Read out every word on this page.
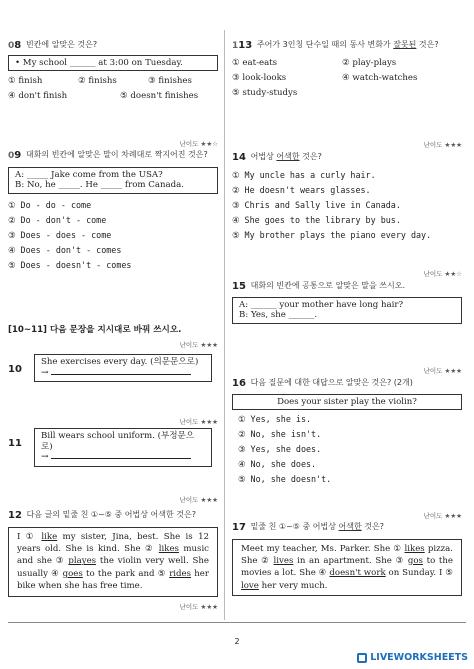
08 빈칸에 알맞은 것은?
• My school ______ at 3:00 on Tuesday.
① finish	② finishs	③ finishes
④ don't finish	⑤ doesn't finishes
난이도 ★★☆
09 대화의 빈칸에 알맞은 말이 차례대로 짝지어진 것은?
A: _____ Jake come from the USA?
B: No, he _____. He _____ from Canada.
① Do - do - come
② Do - don't - come
③ Does - does - come
④ Does - don't - comes
⑤ Does - doesn't - comes
[10~11] 다음 문장을 지시대로 바꿔 쓰시오.
난이도 ★★★
10
She exercises every day. (의문문으로)
→
난이도 ★★★
11
Bill wears school uniform. (부정문으로)
→
난이도 ★★★
12 다음 글의 밑줄 친 ①~⑤ 중 어법상 어색한 것은?

I ① like my sister, Jina, best. She is 12 years old. She is kind. She ② likes music and she ③ playes the violin very well. She usually ④ goes to the park and ⑤ rides her bike when she has free time.

난이도 ★★★
113 주어가 3인칭 단수일 때의 동사 변화가 잘못된 것은?
① eat-eats	② play-plays
③ look-looks	④ watch-watches
⑤ study-studys
난이도 ★★★
14 어법상 어색한 것은?
① My uncle has a curly hair.
② He doesn't wears glasses.
③ Chris and Sally live in Canada.
④ She goes to the library by bus.
⑤ My brother plays the piano every day.
난이도 ★★☆
15 대화의 빈칸에 공통으로 알맞은 말을 쓰시오.
A: ______ your mother have long hair?
B: Yes, she ______.
난이도 ★★★
16 다음 질문에 대한 대답으로 알맞은 것은? (2개)
Does your sister play the violin?
① Yes, she is.
② No, she isn't.
③ Yes, she does.
④ No, she does.
⑤ No, she doesn't.
난이도 ★★★
17 밑줄 친 ①~⑤ 중 어법상 어색한 것은?

Meet my teacher, Ms. Parker. She ① likes pizza. She ② lives in an apartment. She ③ gos to the movies a lot. She ④ doesn't work on Sunday. I ⑤ love her very much.

2
LIVEWORKSHEETS
